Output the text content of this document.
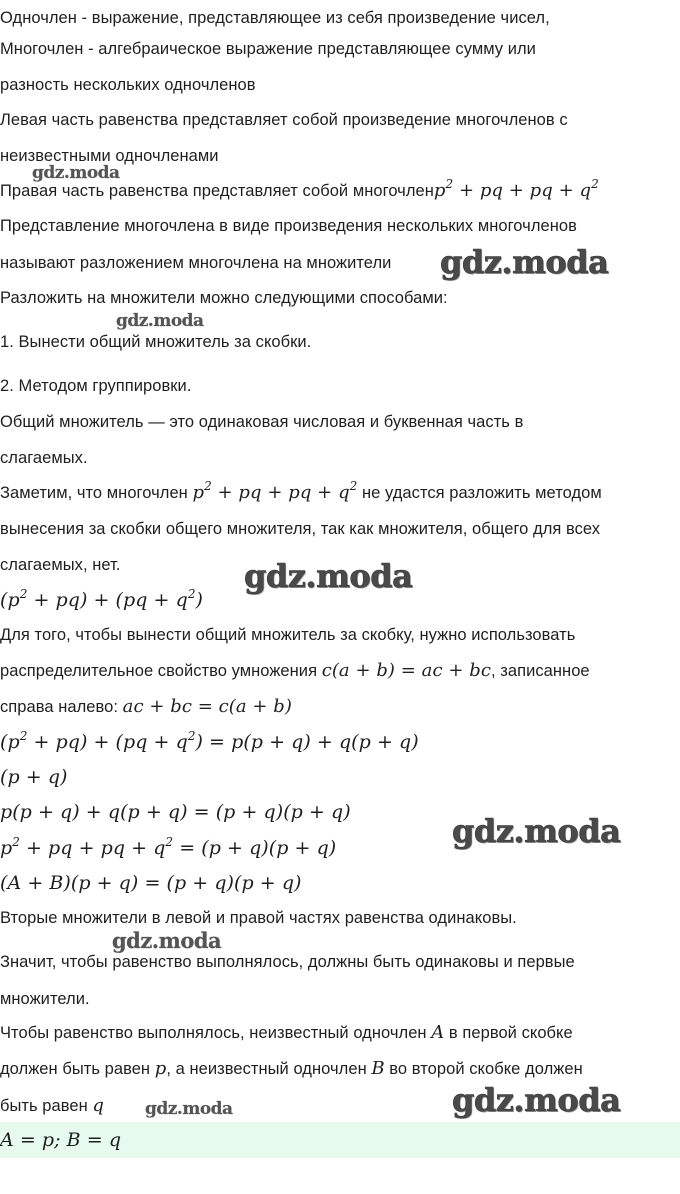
Одночлен - выражение, представляющее из себя произведение чисел,
Многочлен - алгебраическое выражение представляющее сумму или
разность нескольких одночленов
Левая часть равенства представляет собой произведение многочленов с
неизвестными одночленами
Правая часть равенства представляет собой многочленp$^2$ + pq + pq + $q^2$
Представление многочлена в виде произведения нескольких многочленов
называют разложением многочлена на множители
Разложить на множители можно следующими способами:
1. Вынести общий множитель за скобки.
2. Методом группировки.
Общий множитель — это одинаковая числовая и буквенная часть в
слагаемых.
Заметим, что многочлен $p^2$ + pq + pq + $q^2$ не удастся разложить методом
вынесения за скобки общего множителя, так как множителя, общего для всех
слагаемых, нет.
$(p^2 + pq) + (pq + q^2)$
Для того, чтобы вынести общий множитель за скобку, нужно использовать
распределительное свойство умножения c(a + b) = ac + bc, записанное
справа налево: ac + bc = c(a + b)
$(p^2 + pq) + (pq + q^2) = p(p + q) + q(p + q)$
(p + q)
p(p + q) + q(p + q) = (p + q)(p + q)
$p^2$ + pq + pq + $q^2 = (p + q)(p + q)$
(A + B)(p + q) = (p + q)(p + q)
Вторые множители в левой и правой частях равенства одинаковы.
Значит, чтобы равенство выполнялось, должны быть одинаковы и первые
множители.
Чтобы равенство выполнялось, неизвестный одночлен A в первой скобке
должен быть равен p, а неизвестный одночлен B во второй скобке должен
быть равен q
A = p; B = q
gdz.moda
gdz.moda
gdz.moda
gdz.moda
gdz.moda
gdz.moda
gdz.moda	gdz.moda
